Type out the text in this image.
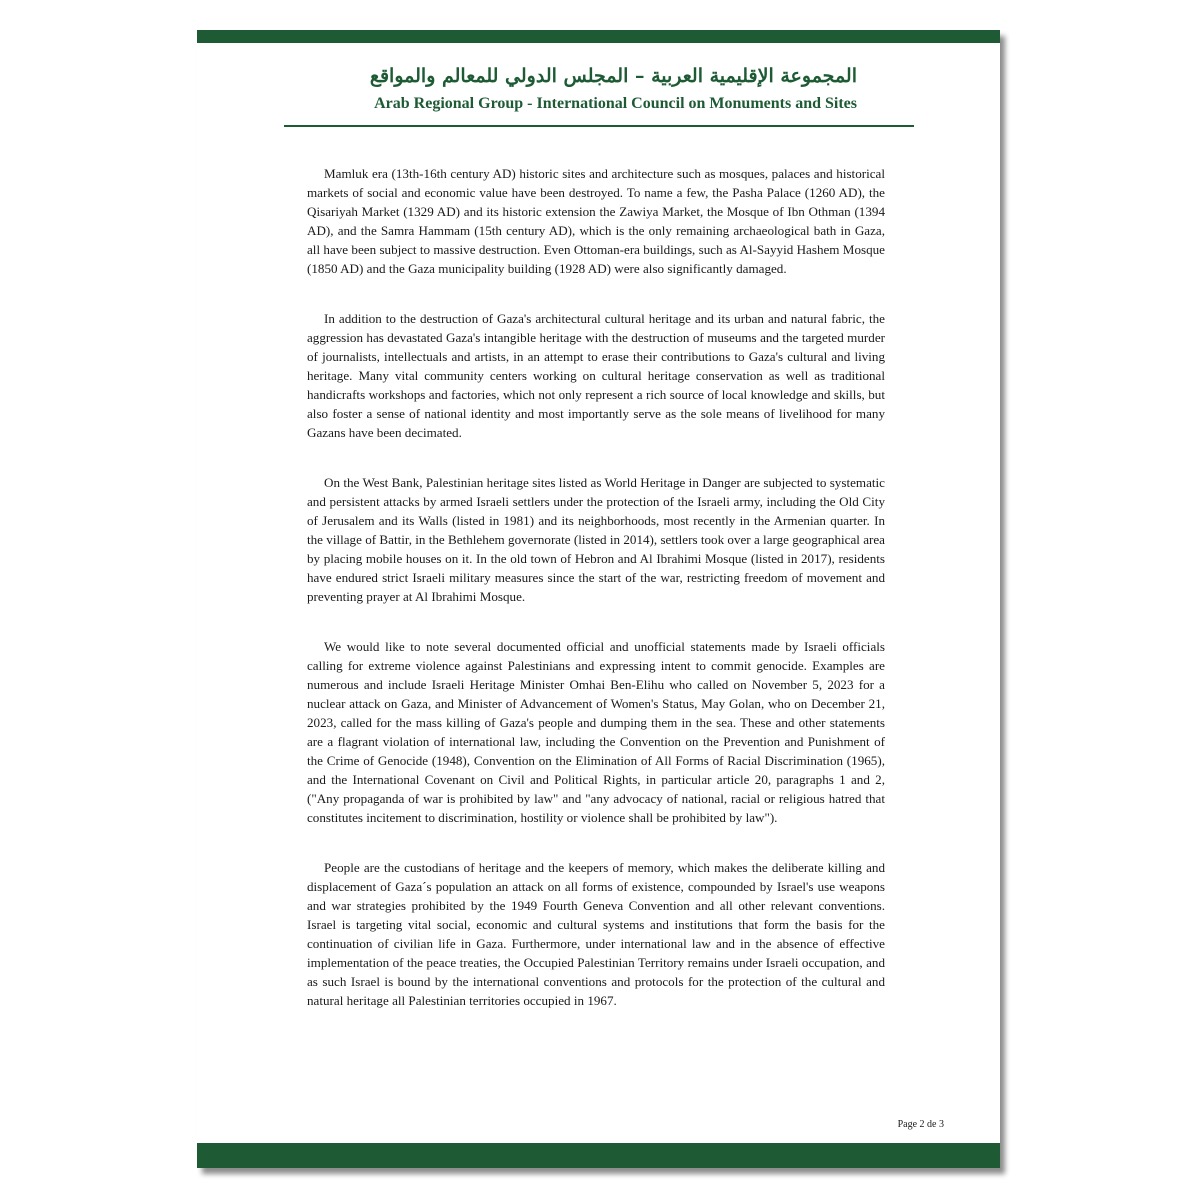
المجموعة الإقليمية العربية – المجلس الدولي للمعالم والمواقع
Arab Regional Group - International Council on Monuments and Sites

Mamluk era (13th-16th century AD) historic sites and architecture such as mosques, palaces and historical markets of social and economic value have been destroyed. To name a few, the Pasha Palace (1260 AD), the Qisariyah Market (1329 AD) and its historic extension the Zawiya Market, the Mosque of Ibn Othman (1394 AD), and the Samra Hammam (15th century AD), which is the only remaining archaeological bath in Gaza, all have been subject to massive destruction. Even Ottoman-era buildings, such as Al-Sayyid Hashem Mosque (1850 AD) and the Gaza municipality building (1928 AD) were also significantly damaged.

In addition to the destruction of Gaza's architectural cultural heritage and its urban and natural fabric, the aggression has devastated Gaza's intangible heritage with the destruction of museums and the targeted murder of journalists, intellectuals and artists, in an attempt to erase their contributions to Gaza's cultural and living heritage. Many vital community centers working on cultural heritage conservation as well as traditional handicrafts workshops and factories, which not only represent a rich source of local knowledge and skills, but also foster a sense of national identity and most importantly serve as the sole means of livelihood for many Gazans have been decimated.

On the West Bank, Palestinian heritage sites listed as World Heritage in Danger are subjected to systematic and persistent attacks by armed Israeli settlers under the protection of the Israeli army, including the Old City of Jerusalem and its Walls (listed in 1981) and its neighborhoods, most recently in the Armenian quarter. In the village of Battir, in the Bethlehem governorate (listed in 2014), settlers took over a large geographical area by placing mobile houses on it. In the old town of Hebron and Al Ibrahimi Mosque (listed in 2017), residents have endured strict Israeli military measures since the start of the war, restricting freedom of movement and preventing prayer at Al Ibrahimi Mosque.

We would like to note several documented official and unofficial statements made by Israeli officials calling for extreme violence against Palestinians and expressing intent to commit genocide. Examples are numerous and include Israeli Heritage Minister Omhai Ben-Elihu who called on November 5, 2023 for a nuclear attack on Gaza, and Minister of Advancement of Women's Status, May Golan, who on December 21, 2023, called for the mass killing of Gaza's people and dumping them in the sea. These and other statements are a flagrant violation of international law, including the Convention on the Prevention and Punishment of the Crime of Genocide (1948), Convention on the Elimination of All Forms of Racial Discrimination (1965), and the International Covenant on Civil and Political Rights, in particular article 20, paragraphs 1 and 2, ("Any propaganda of war is prohibited by law" and "any advocacy of national, racial or religious hatred that constitutes incitement to discrimination, hostility or violence shall be prohibited by law").

People are the custodians of heritage and the keepers of memory, which makes the deliberate killing and displacement of Gaza´s population an attack on all forms of existence, compounded by Israel's use weapons and war strategies prohibited by the 1949 Fourth Geneva Convention and all other relevant conventions. Israel is targeting vital social, economic and cultural systems and institutions that form the basis for the continuation of civilian life in Gaza. Furthermore, under international law and in the absence of effective implementation of the peace treaties, the Occupied Palestinian Territory remains under Israeli occupation, and as such Israel is bound by the international conventions and protocols for the protection of the cultural and natural heritage all Palestinian territories occupied in 1967.

Page 2 de 3
